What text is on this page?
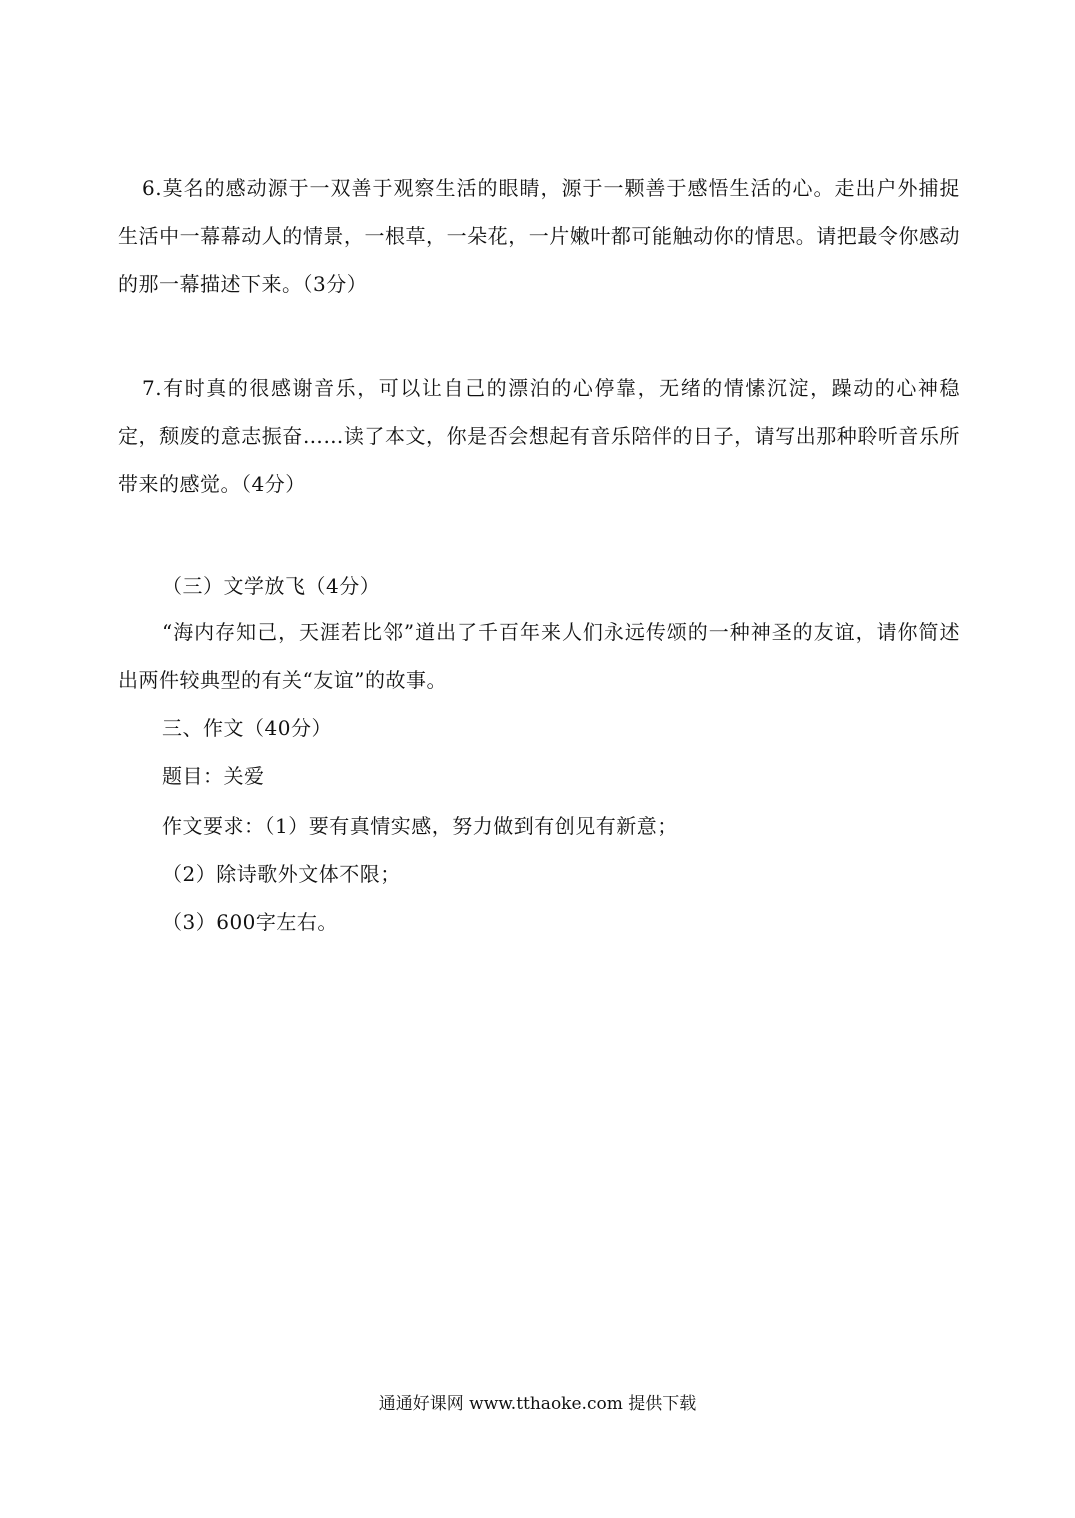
6.莫名的感动源于一双善于观察生活的眼睛，源于一颗善于感悟生活的心。走出户外捕捉生活中一幕幕动人的情景，一根草，一朵花，一片嫩叶都可能触动你的情思。请把最令你感动的那一幕描述下来。（3分）

7.有时真的很感谢音乐，可以让自己的漂泊的心停靠，无绪的情愫沉淀，躁动的心神稳定，颓废的意志振奋……读了本文，你是否会想起有音乐陪伴的日子，请写出那种聆听音乐所带来的感觉。（4分）

（三）文学放飞（4分）

“海内存知己，天涯若比邻”道出了千百年来人们永远传颂的一种神圣的友谊，请你简述出两件较典型的有关“友谊”的故事。

三、作文（40分）

题目：关爱

作文要求：（1）要有真情实感，努力做到有创见有新意；

（2）除诗歌外文体不限；

（3）600字左右。

通通好课网 www.tthaoke.com 提供下载
